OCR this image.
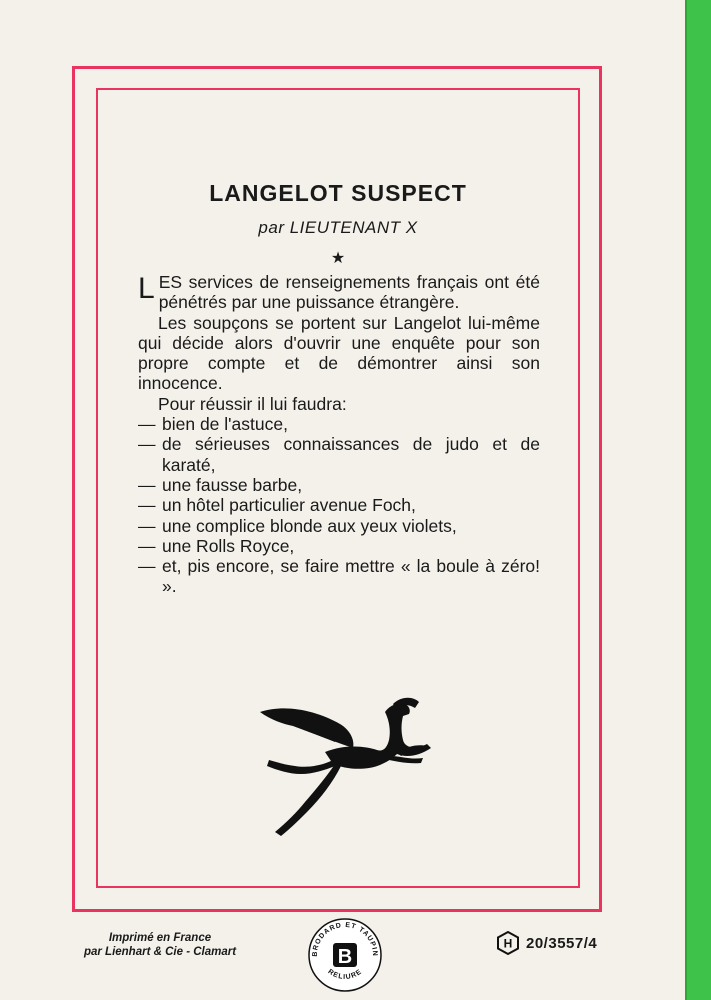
LANGELOT SUSPECT
par LIEUTENANT X
★

LES services de renseignements français ont été pénétrés par une puissance étrangère.

Les soupçons se portent sur Langelot lui-même qui décide alors d'ouvrir une enquête pour son propre compte et de démontrer ainsi son innocence.

Pour réussir il lui faudra:

— bien de l'astuce,
— de sérieuses connaissances de judo et de karaté,
— une fausse barbe,
— un hôtel particulier avenue Foch,
— une complice blonde aux yeux violets,
— une Rolls Royce,
— et, pis encore, se faire mettre « la boule à zéro! ».
Imprimé en France
par Lienhart & Cie - Clamart	BRODARD ET TAUPIN
RELIURE
B
H 20/3557/4
